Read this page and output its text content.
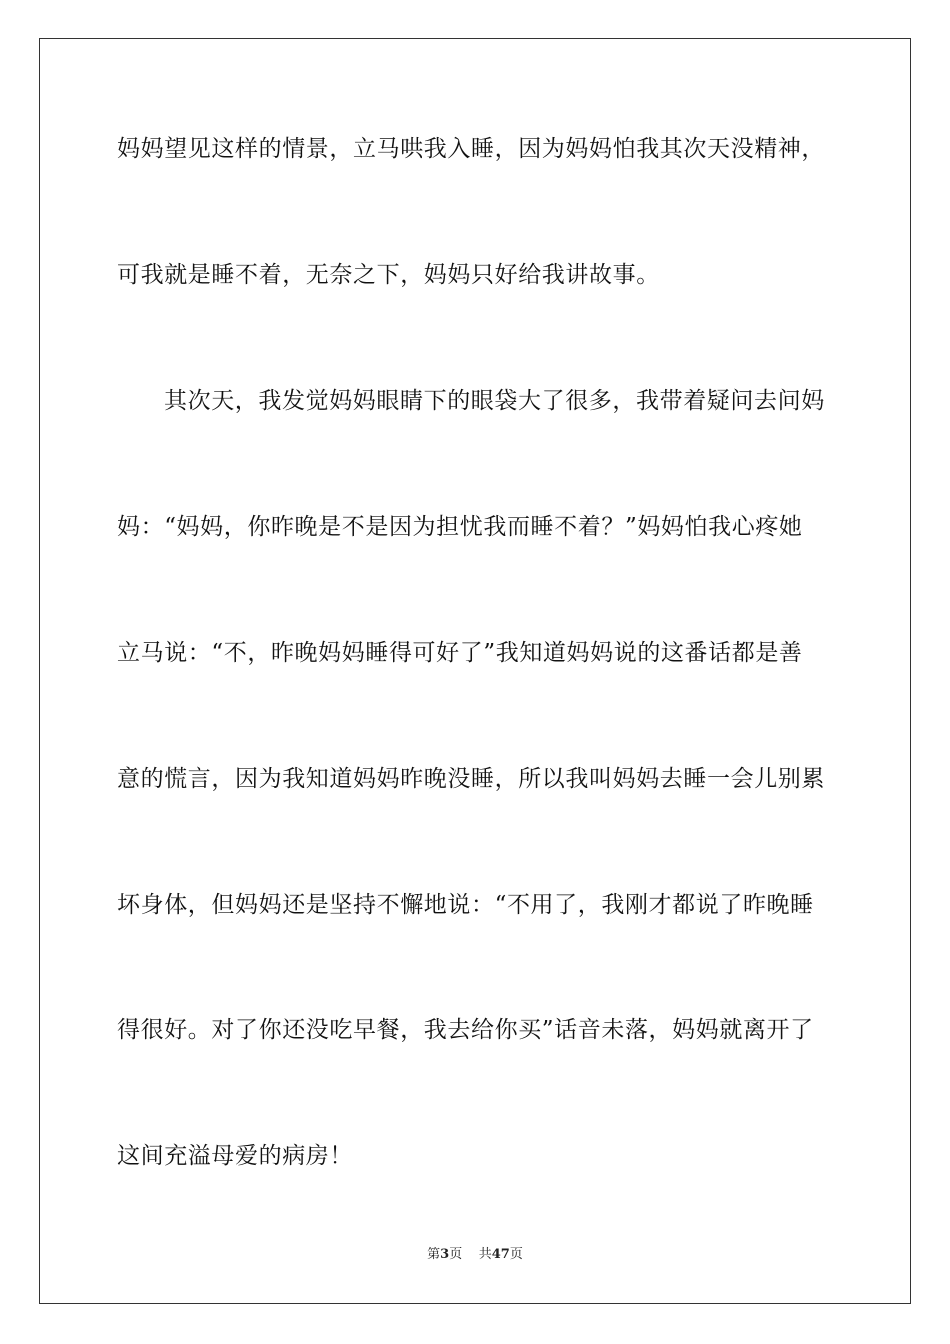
妈妈望见这样的情景，立马哄我入睡，因为妈妈怕我其次天没精神，
可我就是睡不着，无奈之下，妈妈只好给我讲故事。
其次天，我发觉妈妈眼睛下的眼袋大了很多，我带着疑问去问妈
妈：“妈妈，你昨晚是不是因为担忧我而睡不着？”妈妈怕我心疼她
立马说：“不，昨晚妈妈睡得可好了”我知道妈妈说的这番话都是善
意的慌言，因为我知道妈妈昨晚没睡，所以我叫妈妈去睡一会儿别累
坏身体，但妈妈还是坚持不懈地说：“不用了，我刚才都说了昨晚睡
得很好。对了你还没吃早餐，我去给你买”话音未落，妈妈就离开了
这间充溢母爱的病房！
第3页 共47页
